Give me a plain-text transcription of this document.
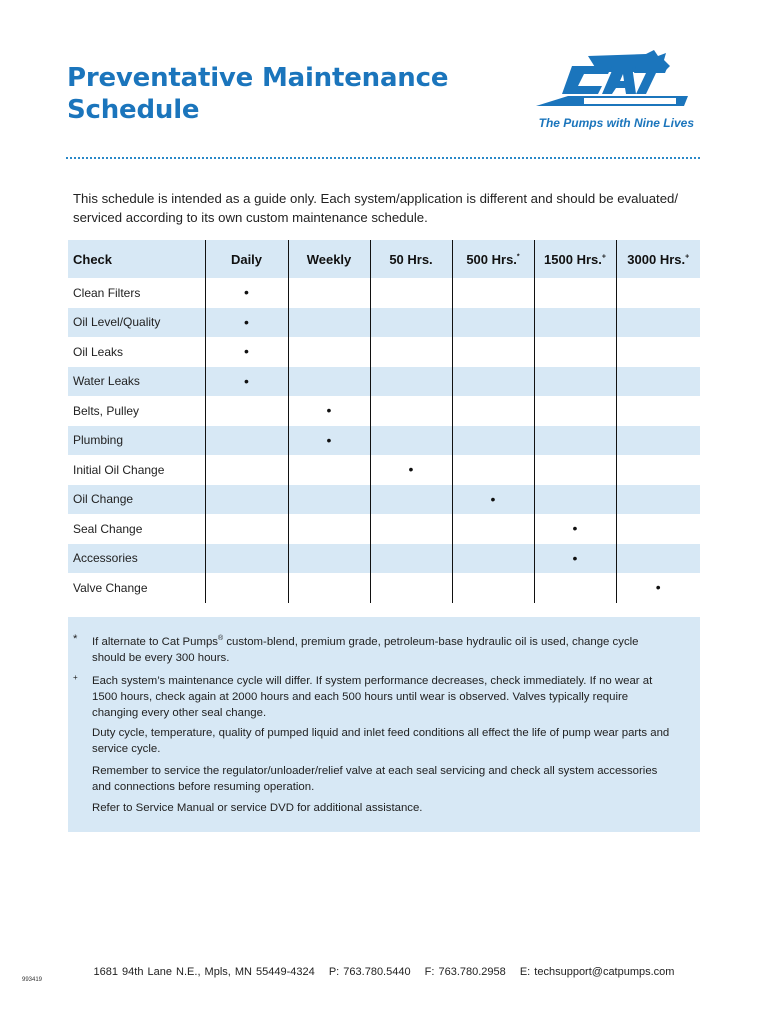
Preventative Maintenance
Schedule	The Pumps with Nine Lives
This schedule is intended as a guide only. Each system/application is different and should be evaluated/ serviced according to its own custom maintenance schedule.
Check	Daily	Weekly	50 Hrs.	500 Hrs.*	1500 Hrs.+	3000 Hrs.+
Clean Filters	•					
Oil Level/Quality	•					
Oil Leaks	•					
Water Leaks	•					
Belts, Pulley		•				
Plumbing		•				
Initial Oil Change			•			
Oil Change				•		
Seal Change					•	
Accessories					•	
Valve Change						•
*	If alternate to Cat Pumps® custom-blend, premium grade, petroleum-base hydraulic oil is used, change cycle should be every 300 hours.
+	Each system’s maintenance cycle will differ. If system performance decreases, check immediately. If no wear at 1500 hours, check again at 2000 hours and each 500 hours until wear is observed. Valves typically require changing every other seal change.
Duty cycle, temperature, quality of pumped liquid and inlet feed conditions all effect the life of pump wear parts and service cycle.
Remember to service the regulator/unloader/relief valve at each seal servicing and check all system accessories and connections before resuming operation.
Refer to Service Manual or service DVD for additional assistance.
993419
1681 94th Lane N.E., Mpls, MN 55449-4324 P: 763.780.5440 F: 763.780.2958 E: techsupport@catpumps.com
